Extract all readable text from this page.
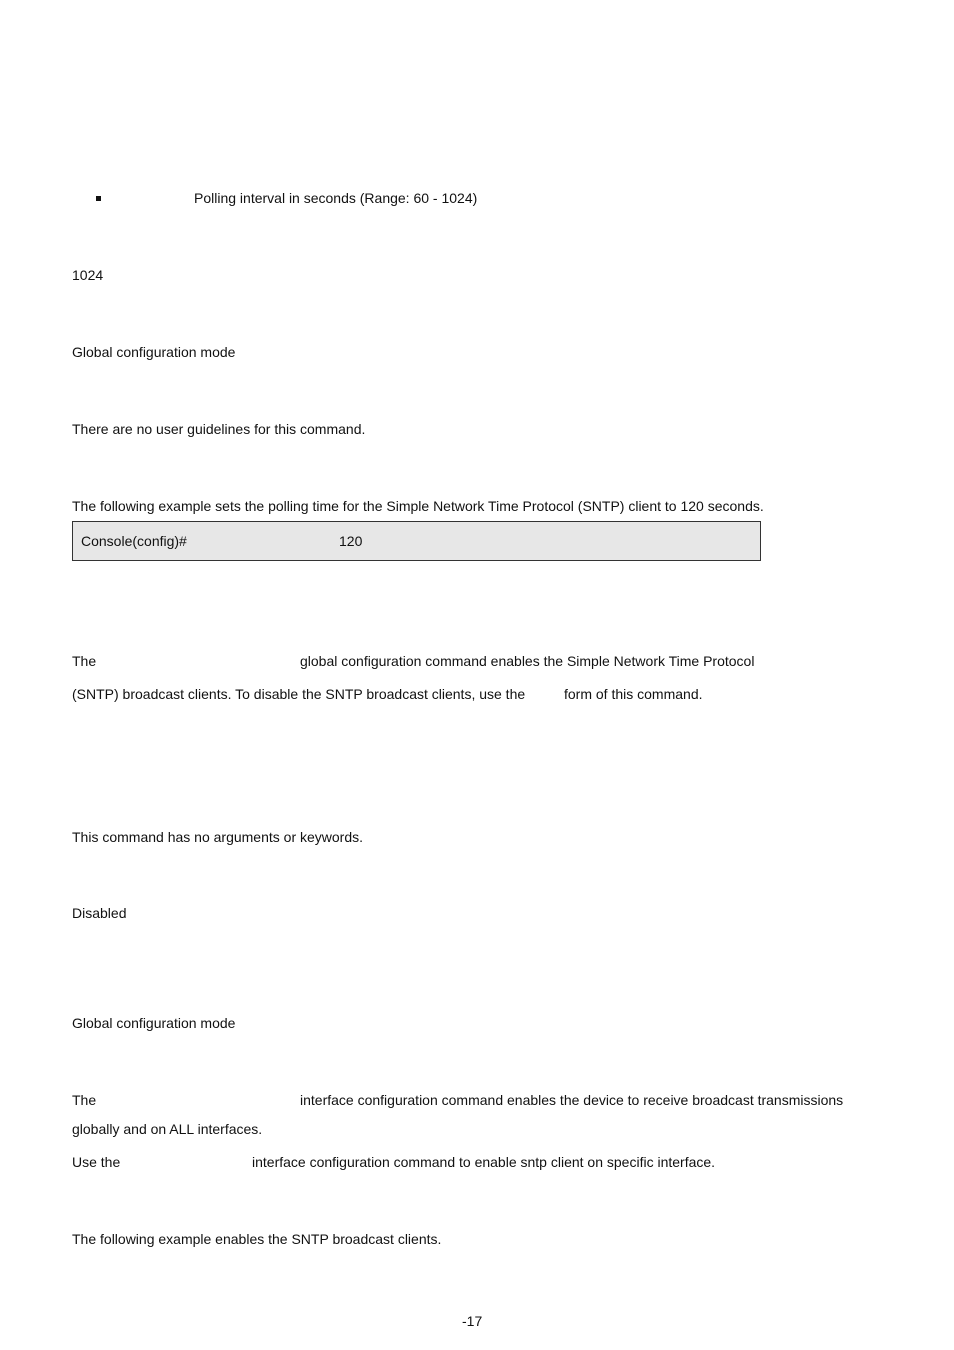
Polling interval in seconds (Range: 60 - 1024)
1024
Global configuration mode
There are no user guidelines for this command.
The following example sets the polling time for the Simple Network Time Protocol (SNTP) client to 120 seconds.
Console(config)#	120
The	global configuration command enables the Simple Network Time Protocol
(SNTP) broadcast clients. To disable the SNTP broadcast clients, use the	form of this command.
This command has no arguments or keywords.
Disabled
Global configuration mode
The	interface configuration command enables the device to receive broadcast transmissions
globally and on ALL interfaces.
Use the	interface configuration command to enable sntp client on specific interface.
The following example enables the SNTP broadcast clients.
-17
